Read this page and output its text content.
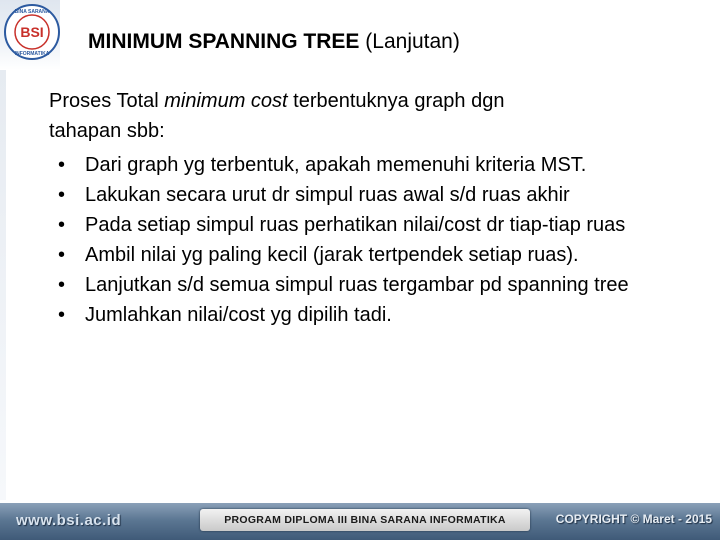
BSI
BINA SARANA
INFORMATIKA
MINIMUM SPANNING TREE (Lanjutan)
Proses Total minimum cost terbentuknya graph dgn
tahapan sbb:
• Dari graph yg terbentuk, apakah memenuhi kriteria MST.
• Lakukan secara urut dr simpul ruas awal s/d ruas akhir
• Pada setiap simpul ruas perhatikan nilai/cost dr tiap-tiap ruas
• Ambil nilai yg paling kecil (jarak tertpendek setiap ruas).
• Lanjutkan s/d semua simpul ruas tergambar pd spanning tree
• Jumlahkan nilai/cost yg dipilih tadi.
www.bsi.ac.id	PROGRAM DIPLOMA III BINA SARANA INFORMATIKA	COPYRIGHT © Maret - 2015
